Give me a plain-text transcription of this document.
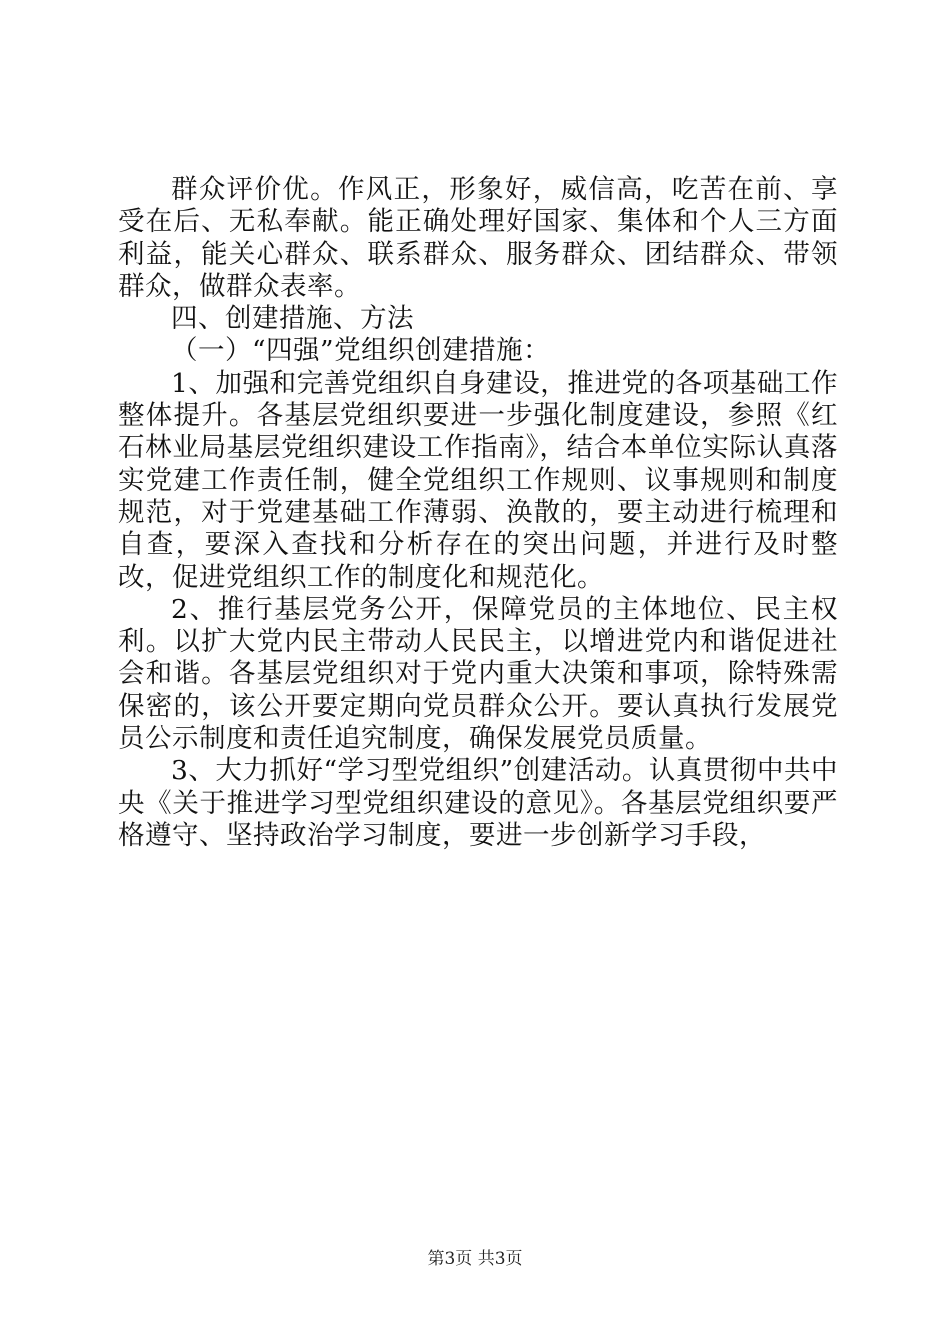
群众评价优。作风正，形象好，威信高，吃苦在前、享受在后、无私奉献。能正确处理好国家、集体和个人三方面利益，能关心群众、联系群众、服务群众、团结群众、带领群众，做群众表率。

四、创建措施、方法

（一）“四强”党组织创建措施：

1、加强和完善党组织自身建设，推进党的各项基础工作整体提升。各基层党组织要进一步强化制度建设，参照《红石林业局基层党组织建设工作指南》，结合本单位实际认真落实党建工作责任制，健全党组织工作规则、议事规则和制度规范，对于党建基础工作薄弱、涣散的，要主动进行梳理和自查，要深入查找和分析存在的突出问题，并进行及时整改，促进党组织工作的制度化和规范化。

2、推行基层党务公开，保障党员的主体地位、民主权利。以扩大党内民主带动人民民主，以增进党内和谐促进社会和谐。各基层党组织对于党内重大决策和事项，除特殊需保密的，该公开要定期向党员群众公开。要认真执行发展党员公示制度和责任追究制度，确保发展党员质量。

3、大力抓好“学习型党组织”创建活动。认真贯彻中共中央《关于推进学习型党组织建设的意见》。各基层党组织要严格遵守、坚持政治学习制度，要进一步创新学习手段，

第3页 共3页
